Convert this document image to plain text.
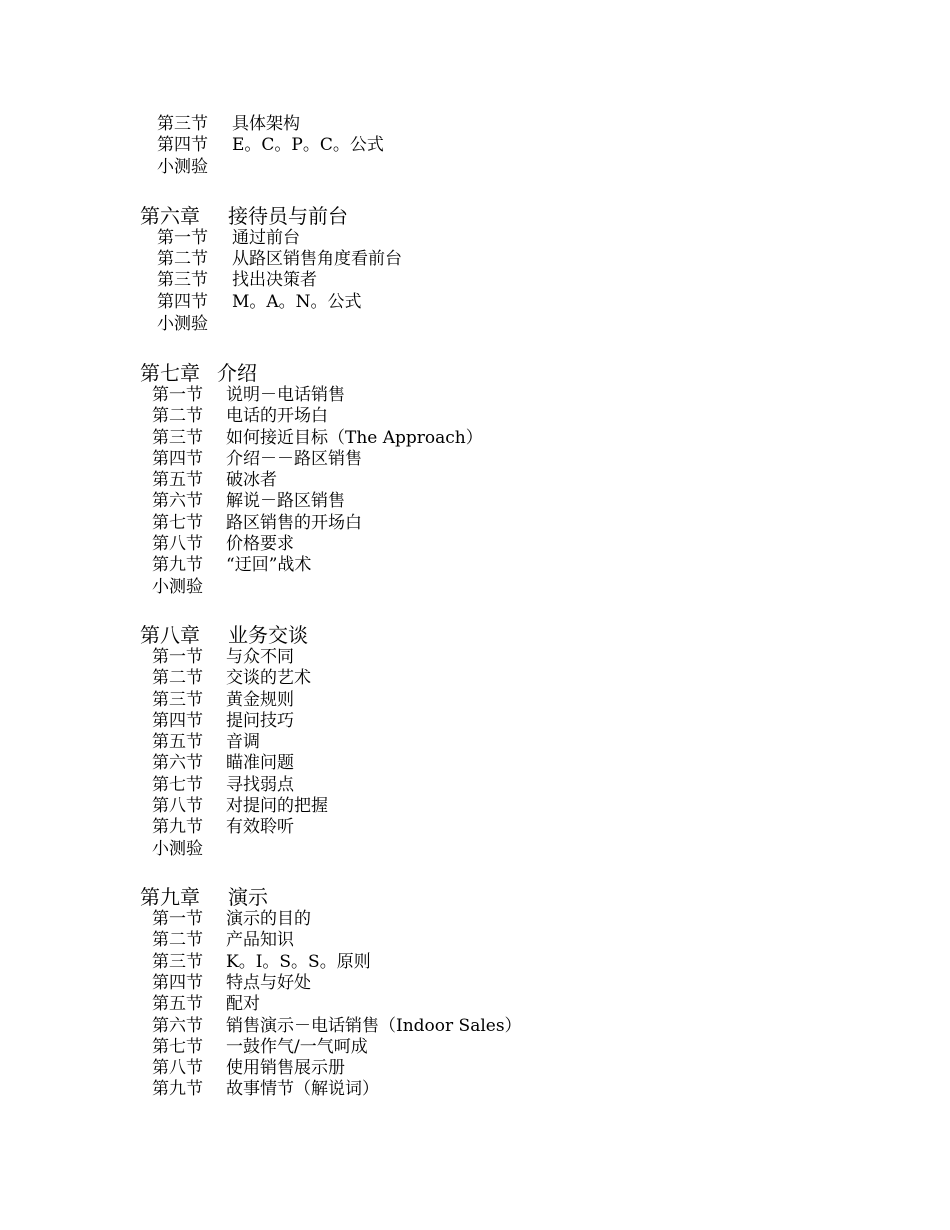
第三节 具体架构
第四节 E。C。P。C。公式
小测验
第六章 接待员与前台
第一节 通过前台
第二节 从路区销售角度看前台
第三节 找出决策者
第四节 M。A。N。公式
小测验
第七章 介绍
第一节 说明－电话销售
第二节 电话的开场白
第三节 如何接近目标（The Approach）
第四节 介绍－－路区销售
第五节 破冰者
第六节 解说－路区销售
第七节 路区销售的开场白
第八节 价格要求
第九节 “迂回”战术
小测验
第八章 业务交谈
第一节 与众不同
第二节 交谈的艺术
第三节 黄金规则
第四节 提问技巧
第五节 音调
第六节 瞄准问题
第七节 寻找弱点
第八节 对提问的把握
第九节 有效聆听
小测验
第九章 演示
第一节 演示的目的
第二节 产品知识
第三节 K。I。S。S。原则
第四节 特点与好处
第五节 配对
第六节 销售演示－电话销售（Indoor Sales）
第七节 一鼓作气/一气呵成
第八节 使用销售展示册
第九节 故事情节（解说词）
